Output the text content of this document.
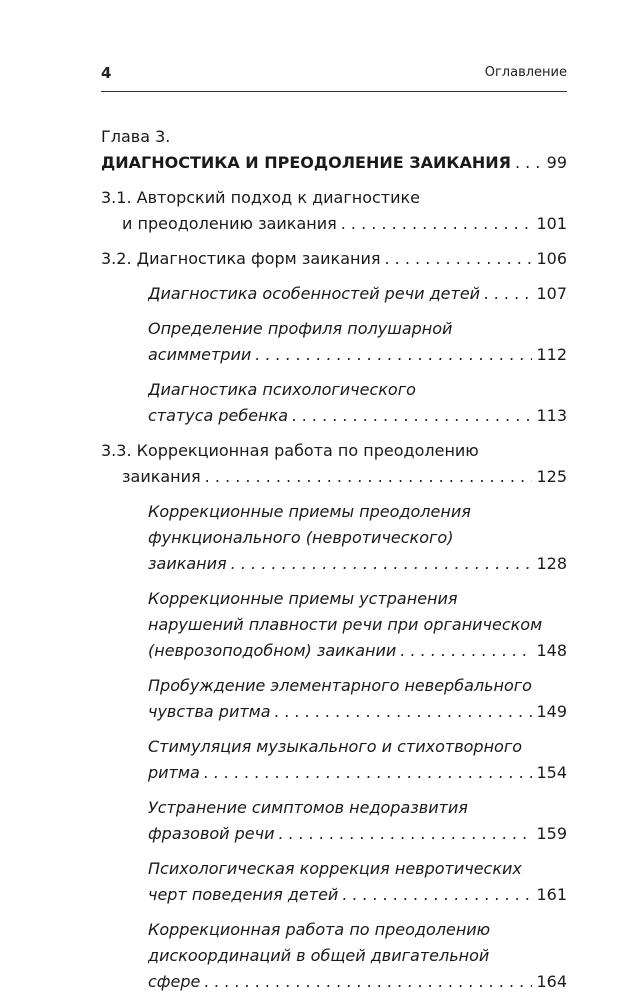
4	Оглавление
Глава 3.
ДИАГНОСТИКА И ПРЕОДОЛЕНИЕ ЗАИКАНИЯ . . . 99
3.1. Авторский подход к диагностике
и преодолению заикания . . .	101
3.2. Диагностика форм заикания . . .	106
Диагностика особенностей речи детей . . .	107
Определение профиля полушарной
асимметрии . . .	112
Диагностика психологического
статуса ребенка . . .	113
3.3. Коррекционная работа по преодолению
заикания . . .	125
Коррекционные приемы преодоления
функционального (невротического)
заикания . . .	128
Коррекционные приемы устранения
нарушений плавности речи при органическом
(неврозоподобном) заикании . . .	148
Пробуждение элементарного невербального
чувства ритма . . .	149
Стимуляция музыкального и стихотворного
ритма . . .	154
Устранение симптомов недоразвития
фразовой речи . . .	159
Психологическая коррекция невротических
черт поведения детей . . .	161
Коррекционная работа по преодолению
дискоординаций в общей двигательной
сфере . . .	164
